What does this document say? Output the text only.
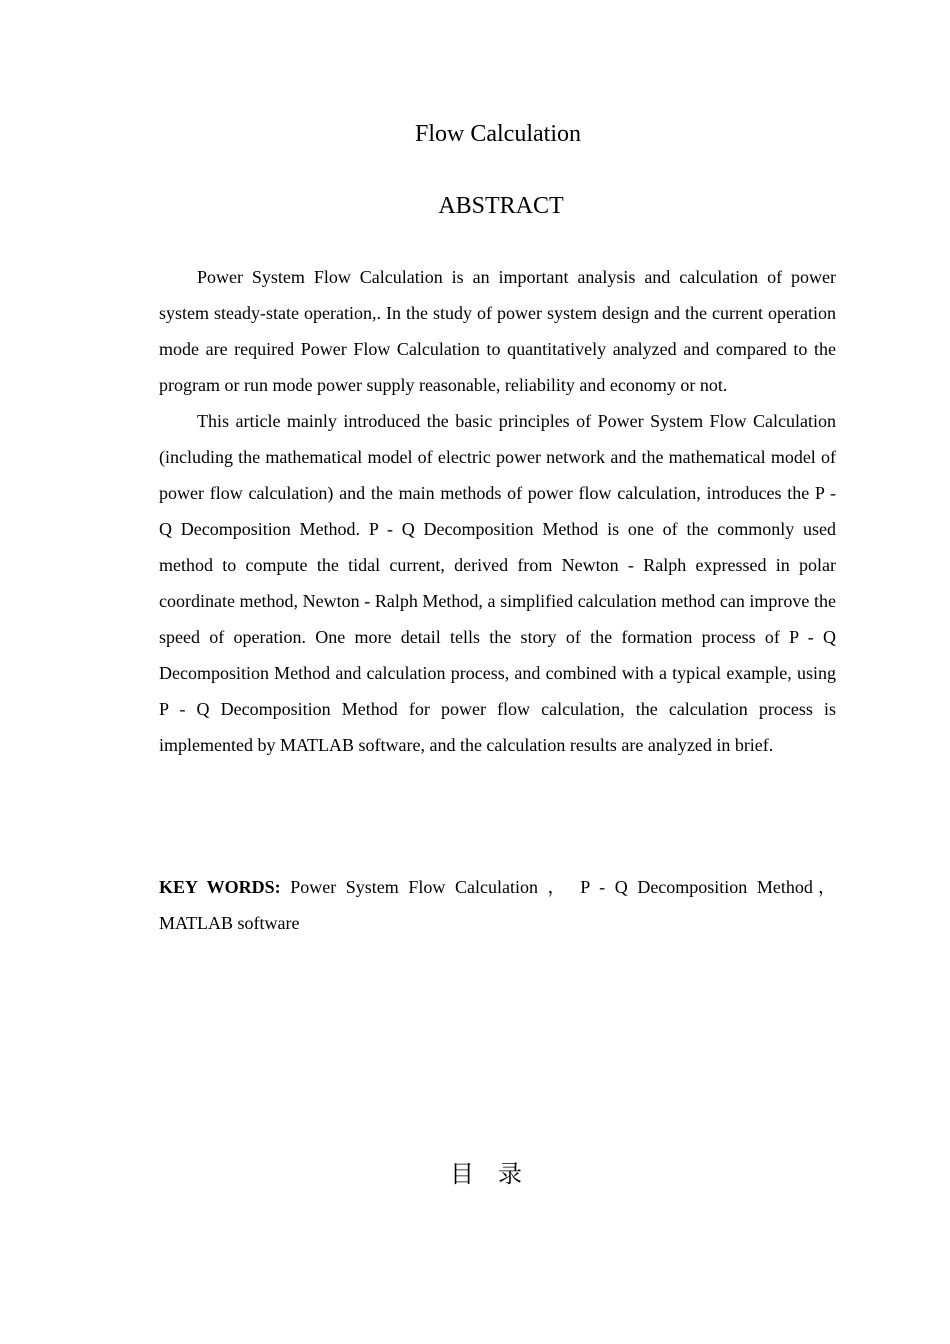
Flow Calculation
ABSTRACT

Power System Flow Calculation is an important analysis and calculation of power system steady-state operation,. In the study of power system design and the current operation mode are required Power Flow Calculation to quantitatively analyzed and compared to the program or run mode power supply reasonable, reliability and economy or not.

This article mainly introduced the basic principles of Power System Flow Calculation (including the mathematical model of electric power network and the mathematical model of power flow calculation) and the main methods of power flow calculation, introduces the P - Q Decomposition Method. P - Q Decomposition Method is one of the commonly used method to compute the tidal current, derived from Newton - Ralph expressed in polar coordinate method, Newton - Ralph Method, a simplified calculation method can improve the speed of operation. One more detail tells the story of the formation process of P - Q Decomposition Method and calculation process, and combined with a typical example, using P - Q Decomposition Method for power flow calculation, the calculation process is implemented by MATLAB software, and the calculation results are analyzed in brief.

KEY WORDS: Power System Flow Calculation ， P - Q Decomposition Method，MATLAB software

目录
